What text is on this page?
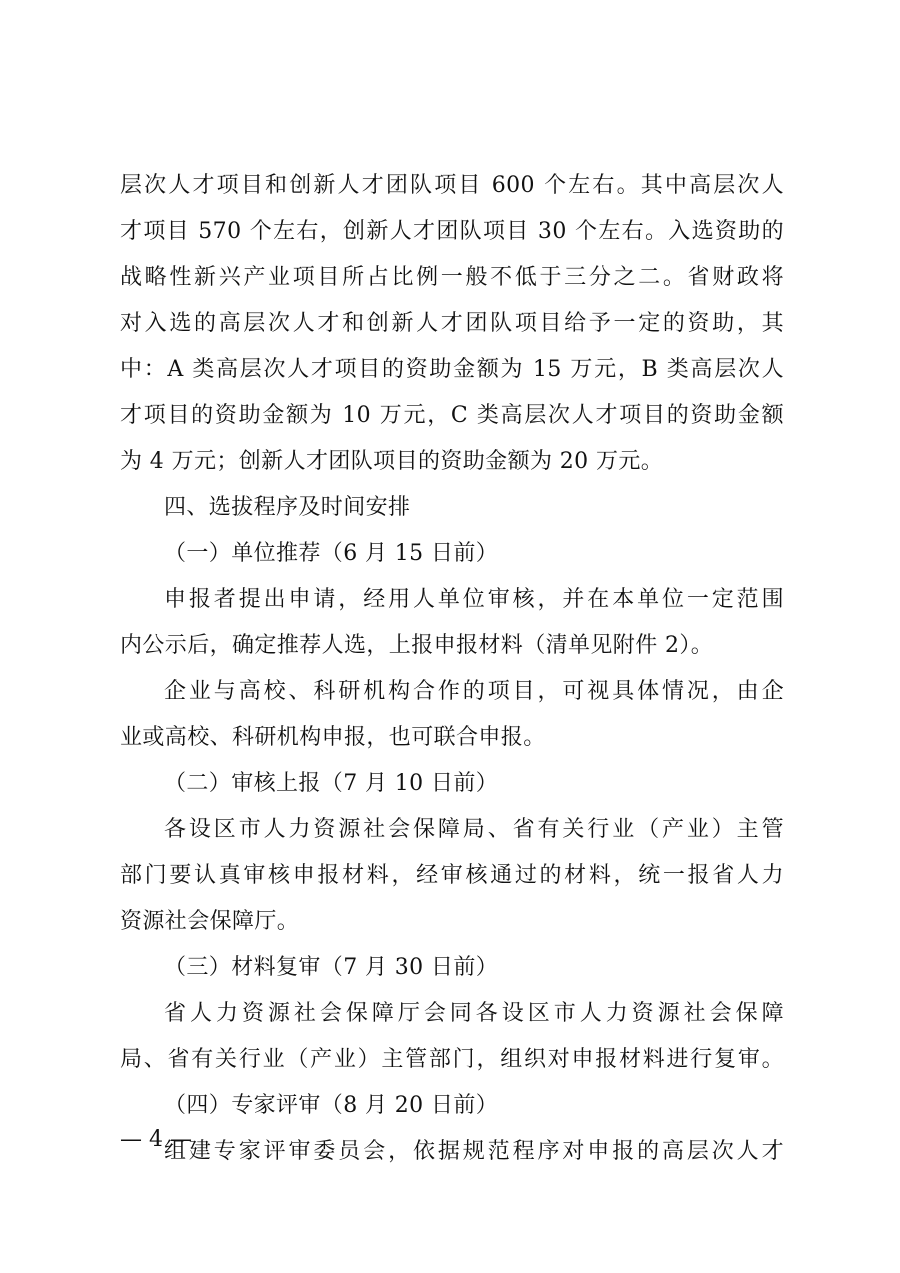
层次人才项目和创新人才团队项目 600 个左右。其中高层次人
才项目 570 个左右，创新人才团队项目 30 个左右。入选资助的
战略性新兴产业项目所占比例一般不低于三分之二。省财政将
对入选的高层次人才和创新人才团队项目给予一定的资助，其
中：A 类高层次人才项目的资助金额为 15 万元，B 类高层次人
才项目的资助金额为 10 万元，C 类高层次人才项目的资助金额
为 4 万元；创新人才团队项目的资助金额为 20 万元。
四、选拔程序及时间安排
（一）单位推荐（6 月 15 日前）
申报者提出申请，经用人单位审核，并在本单位一定范围
内公示后，确定推荐人选，上报申报材料（清单见附件 2）。
企业与高校、科研机构合作的项目，可视具体情况，由企
业或高校、科研机构申报，也可联合申报。
（二）审核上报（7 月 10 日前）
各设区市人力资源社会保障局、省有关行业（产业）主管
部门要认真审核申报材料，经审核通过的材料，统一报省人力
资源社会保障厅。
（三）材料复审（7 月 30 日前）
省人力资源社会保障厅会同各设区市人力资源社会保障
局、省有关行业（产业）主管部门，组织对申报材料进行复审。
（四）专家评审（8 月 20 日前）
组建专家评审委员会，依据规范程序对申报的高层次人才
— 4 —
